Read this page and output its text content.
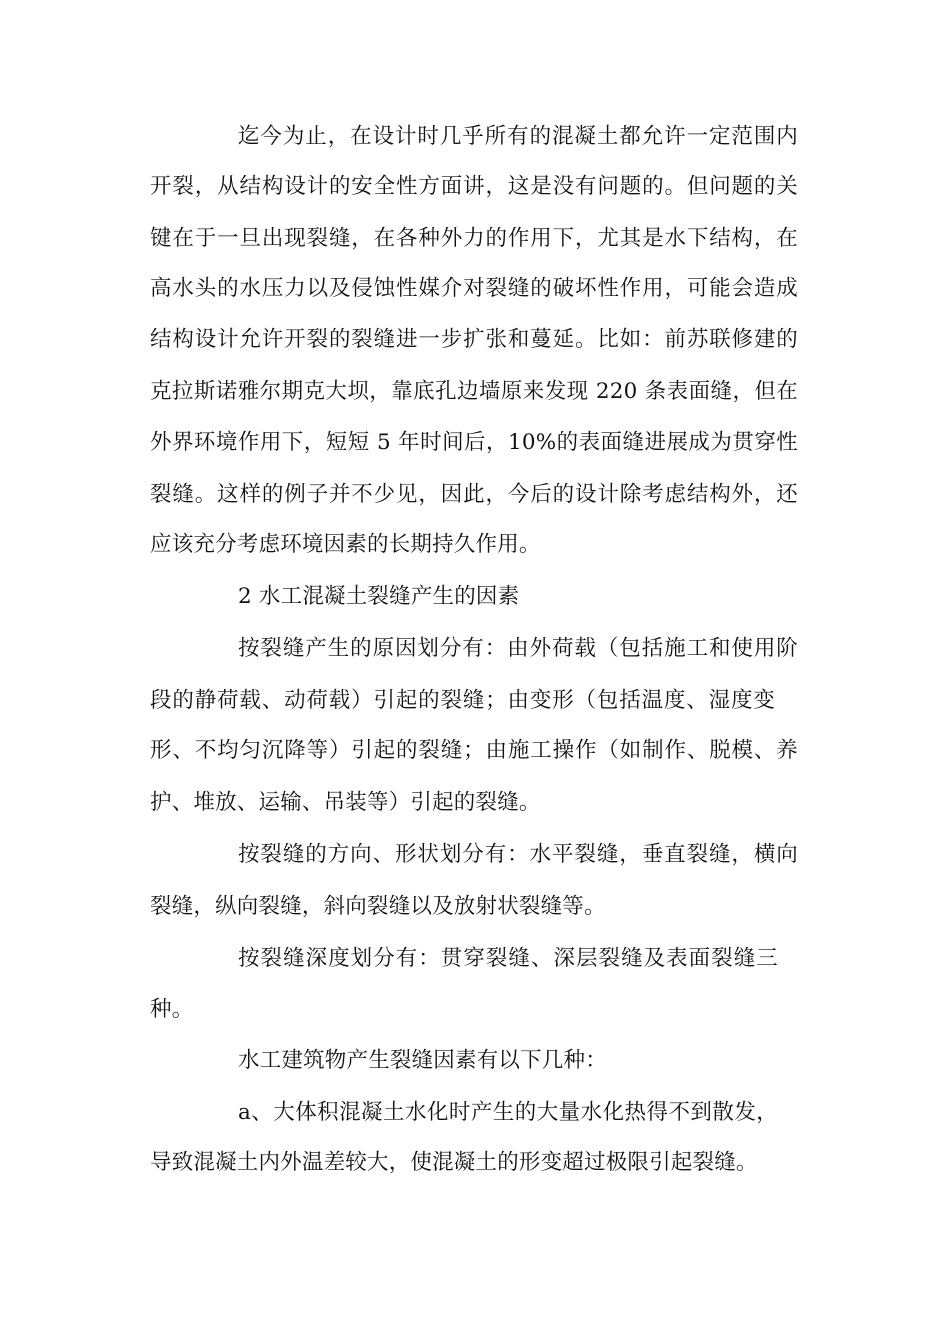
迄今为止，在设计时几乎所有的混凝土都允许一定范围内
开裂，从结构设计的安全性方面讲，这是没有问题的。但问题的关
键在于一旦出现裂缝，在各种外力的作用下，尤其是水下结构，在
高水头的水压力以及侵蚀性媒介对裂缝的破坏性作用，可能会造成
结构设计允许开裂的裂缝进一步扩张和蔓延。比如：前苏联修建的
克拉斯诺雅尔期克大坝，靠底孔边墙原来发现 220 条表面缝，但在
外界环境作用下，短短 5 年时间后，10%的表面缝进展成为贯穿性
裂缝。这样的例子并不少见，因此，今后的设计除考虑结构外，还
应该充分考虑环境因素的长期持久作用。
2 水工混凝土裂缝产生的因素
按裂缝产生的原因划分有：由外荷载（包括施工和使用阶
段的静荷载、动荷载）引起的裂缝；由变形（包括温度、湿度变
形、不均匀沉降等）引起的裂缝；由施工操作（如制作、脱模、养
护、堆放、运输、吊装等）引起的裂缝。
按裂缝的方向、形状划分有：水平裂缝，垂直裂缝，横向
裂缝，纵向裂缝，斜向裂缝以及放射状裂缝等。
按裂缝深度划分有：贯穿裂缝、深层裂缝及表面裂缝三
种。
水工建筑物产生裂缝因素有以下几种：
a、大体积混凝土水化时产生的大量水化热得不到散发，
导致混凝土内外温差较大，使混凝土的形变超过极限引起裂缝。
